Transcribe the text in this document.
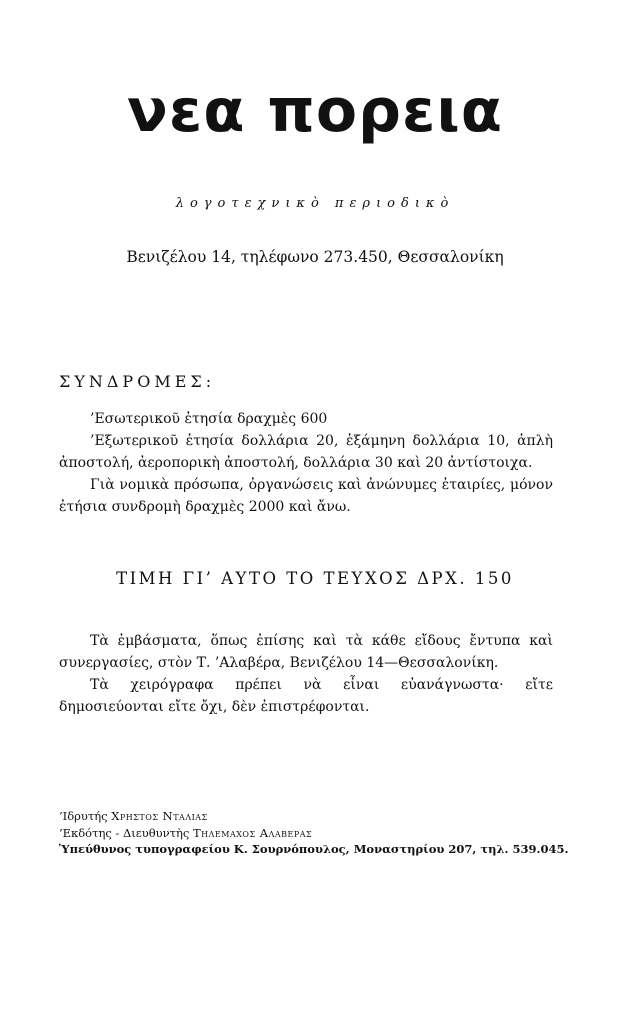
νεα πορεια
λογοτεχνικὸ περιοδικὸ
Βενιζέλου 14, τηλέφωνο 273.450, Θεσσαλονίκη
ΣΥΝΔΡΟΜΕΣ:

’Εσωτερικοῦ ἐτησία δραχμὲς 600

’Εξωτερικοῦ ἐτησία δολλάρια 20, ἑξάμηνη δολλάρια 10, ἁπλὴ ἀποστολή, ἀεροπορικὴ ἀποστολή, δολλάρια 30 καὶ 20 ἀντίστοιχα.

Γιὰ νομικὰ πρόσωπα, ὀργανώσεις καὶ ἀνώνυμες ἑταιρίες, μόνον ἐτήσια συνδρομὴ δραχμὲς 2000 καὶ ἄνω.

ΤΙΜΗ ΓΙ’ ΑΥΤΟ ΤΟ ΤΕΥΧΟΣ ΔΡΧ. 150

Τὰ ἐμβάσματα, ὅπως ἐπίσης καὶ τὰ κάθε εἴδους ἔντυπα καὶ συνεργασίες, στὸν Τ. ’Αλαβέρα, Βενιζέλου 14—Θεσσαλονίκη.

Τὰ χειρόγραφα πρέπει νὰ εἶναι εὐανάγνωστα· εἴτε δημοσιεύονται εἴτε ὄχι, δὲν ἐπιστρέφονται.

’Ιδρυτής Χρηστος Νταλιας
’Εκδότης - Διευθυντὴς Τηλεμαχος Αλαβερας
Ὑπεύθυνος τυπογραφείου Κ. Σουρνόπουλος, Μοναστηρίου 207, τηλ. 539.045.
